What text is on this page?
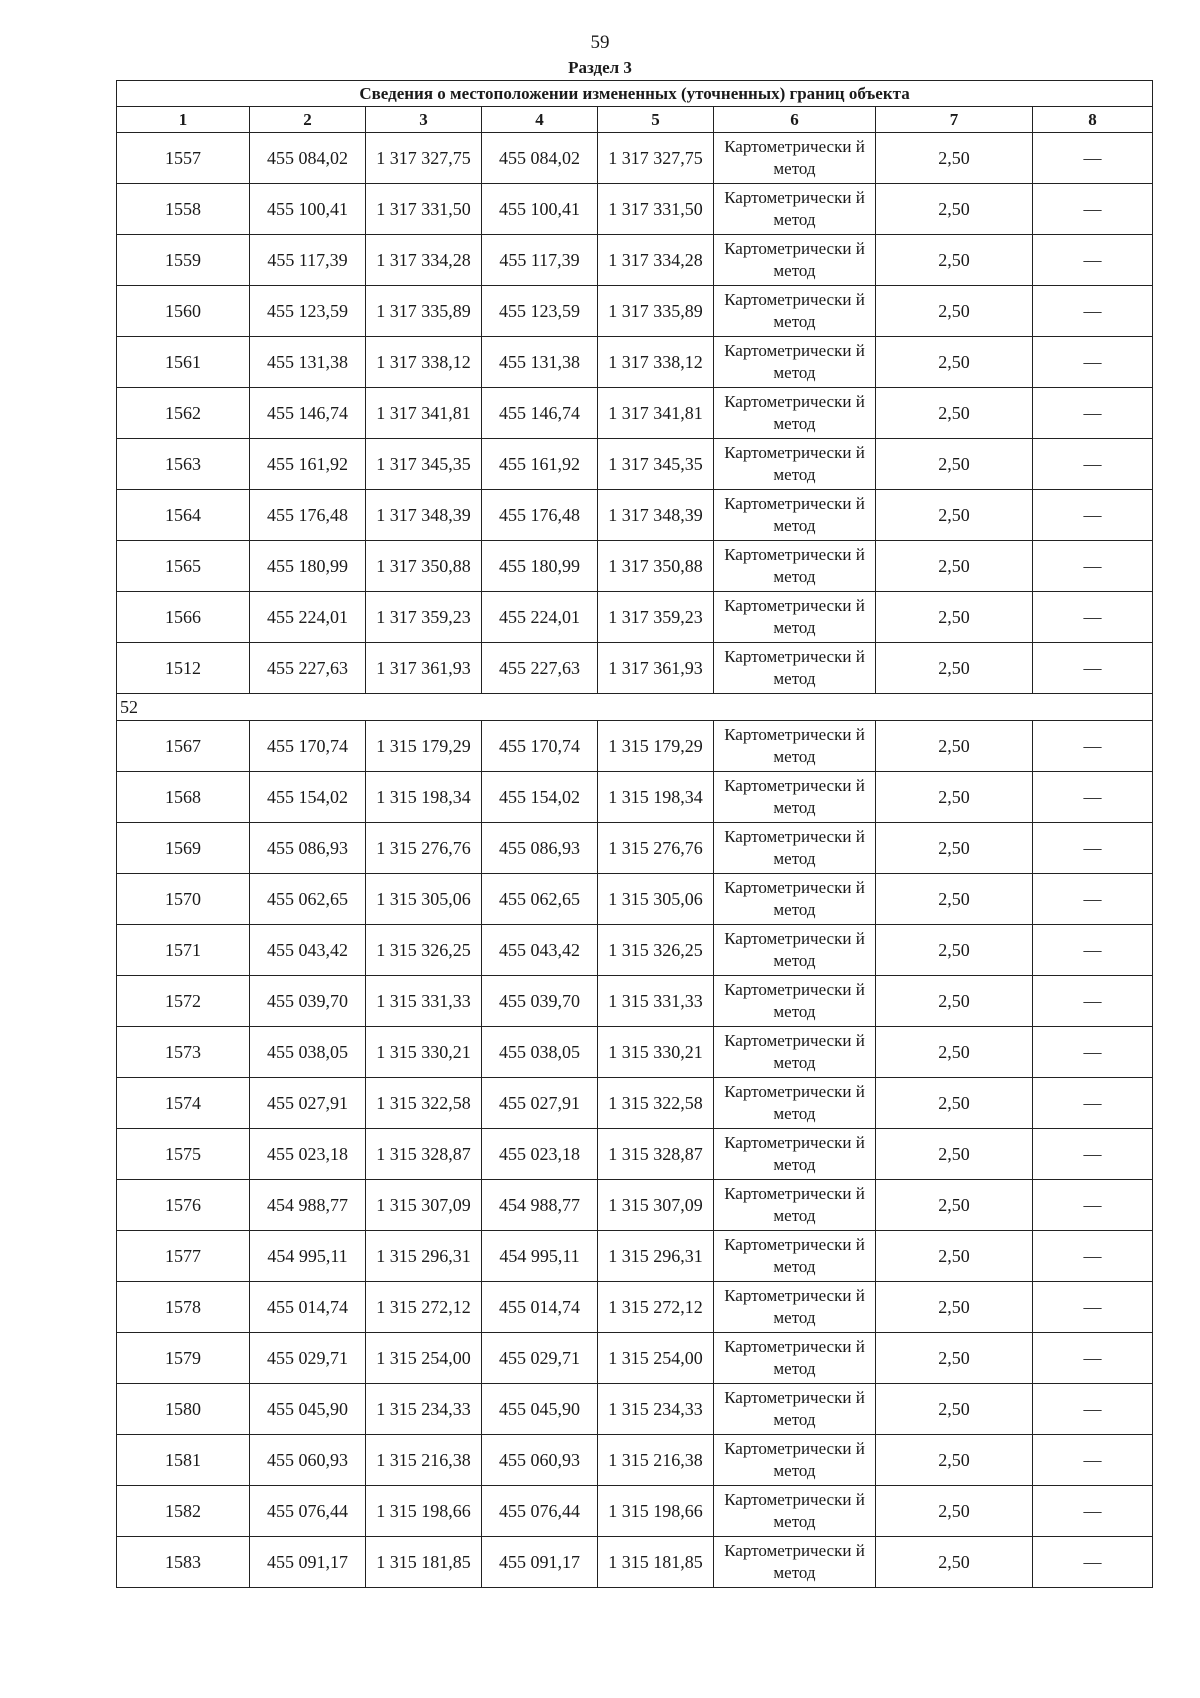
59
Раздел 3
Сведения о местоположении измененных (уточненных) границ объекта							
1	2	3	4	5	6	7	8
1557	455 084,02	1 317 327,75	455 084,02	1 317 327,75	Картометрически й метод	2,50	—
1558	455 100,41	1 317 331,50	455 100,41	1 317 331,50	Картометрически й метод	2,50	—
1559	455 117,39	1 317 334,28	455 117,39	1 317 334,28	Картометрически й метод	2,50	—
1560	455 123,59	1 317 335,89	455 123,59	1 317 335,89	Картометрически й метод	2,50	—
1561	455 131,38	1 317 338,12	455 131,38	1 317 338,12	Картометрически й метод	2,50	—
1562	455 146,74	1 317 341,81	455 146,74	1 317 341,81	Картометрически й метод	2,50	—
1563	455 161,92	1 317 345,35	455 161,92	1 317 345,35	Картометрически й метод	2,50	—
1564	455 176,48	1 317 348,39	455 176,48	1 317 348,39	Картометрически й метод	2,50	—
1565	455 180,99	1 317 350,88	455 180,99	1 317 350,88	Картометрически й метод	2,50	—
1566	455 224,01	1 317 359,23	455 224,01	1 317 359,23	Картометрически й метод	2,50	—
1512	455 227,63	1 317 361,93	455 227,63	1 317 361,93	Картометрически й метод	2,50	—
52							
1567	455 170,74	1 315 179,29	455 170,74	1 315 179,29	Картометрически й метод	2,50	—
1568	455 154,02	1 315 198,34	455 154,02	1 315 198,34	Картометрически й метод	2,50	—
1569	455 086,93	1 315 276,76	455 086,93	1 315 276,76	Картометрически й метод	2,50	—
1570	455 062,65	1 315 305,06	455 062,65	1 315 305,06	Картометрически й метод	2,50	—
1571	455 043,42	1 315 326,25	455 043,42	1 315 326,25	Картометрически й метод	2,50	—
1572	455 039,70	1 315 331,33	455 039,70	1 315 331,33	Картометрически й метод	2,50	—
1573	455 038,05	1 315 330,21	455 038,05	1 315 330,21	Картометрически й метод	2,50	—
1574	455 027,91	1 315 322,58	455 027,91	1 315 322,58	Картометрически й метод	2,50	—
1575	455 023,18	1 315 328,87	455 023,18	1 315 328,87	Картометрически й метод	2,50	—
1576	454 988,77	1 315 307,09	454 988,77	1 315 307,09	Картометрически й метод	2,50	—
1577	454 995,11	1 315 296,31	454 995,11	1 315 296,31	Картометрически й метод	2,50	—
1578	455 014,74	1 315 272,12	455 014,74	1 315 272,12	Картометрически й метод	2,50	—
1579	455 029,71	1 315 254,00	455 029,71	1 315 254,00	Картометрически й метод	2,50	—
1580	455 045,90	1 315 234,33	455 045,90	1 315 234,33	Картометрически й метод	2,50	—
1581	455 060,93	1 315 216,38	455 060,93	1 315 216,38	Картометрически й метод	2,50	—
1582	455 076,44	1 315 198,66	455 076,44	1 315 198,66	Картометрически й метод	2,50	—
1583	455 091,17	1 315 181,85	455 091,17	1 315 181,85	Картометрически й метод	2,50	—
